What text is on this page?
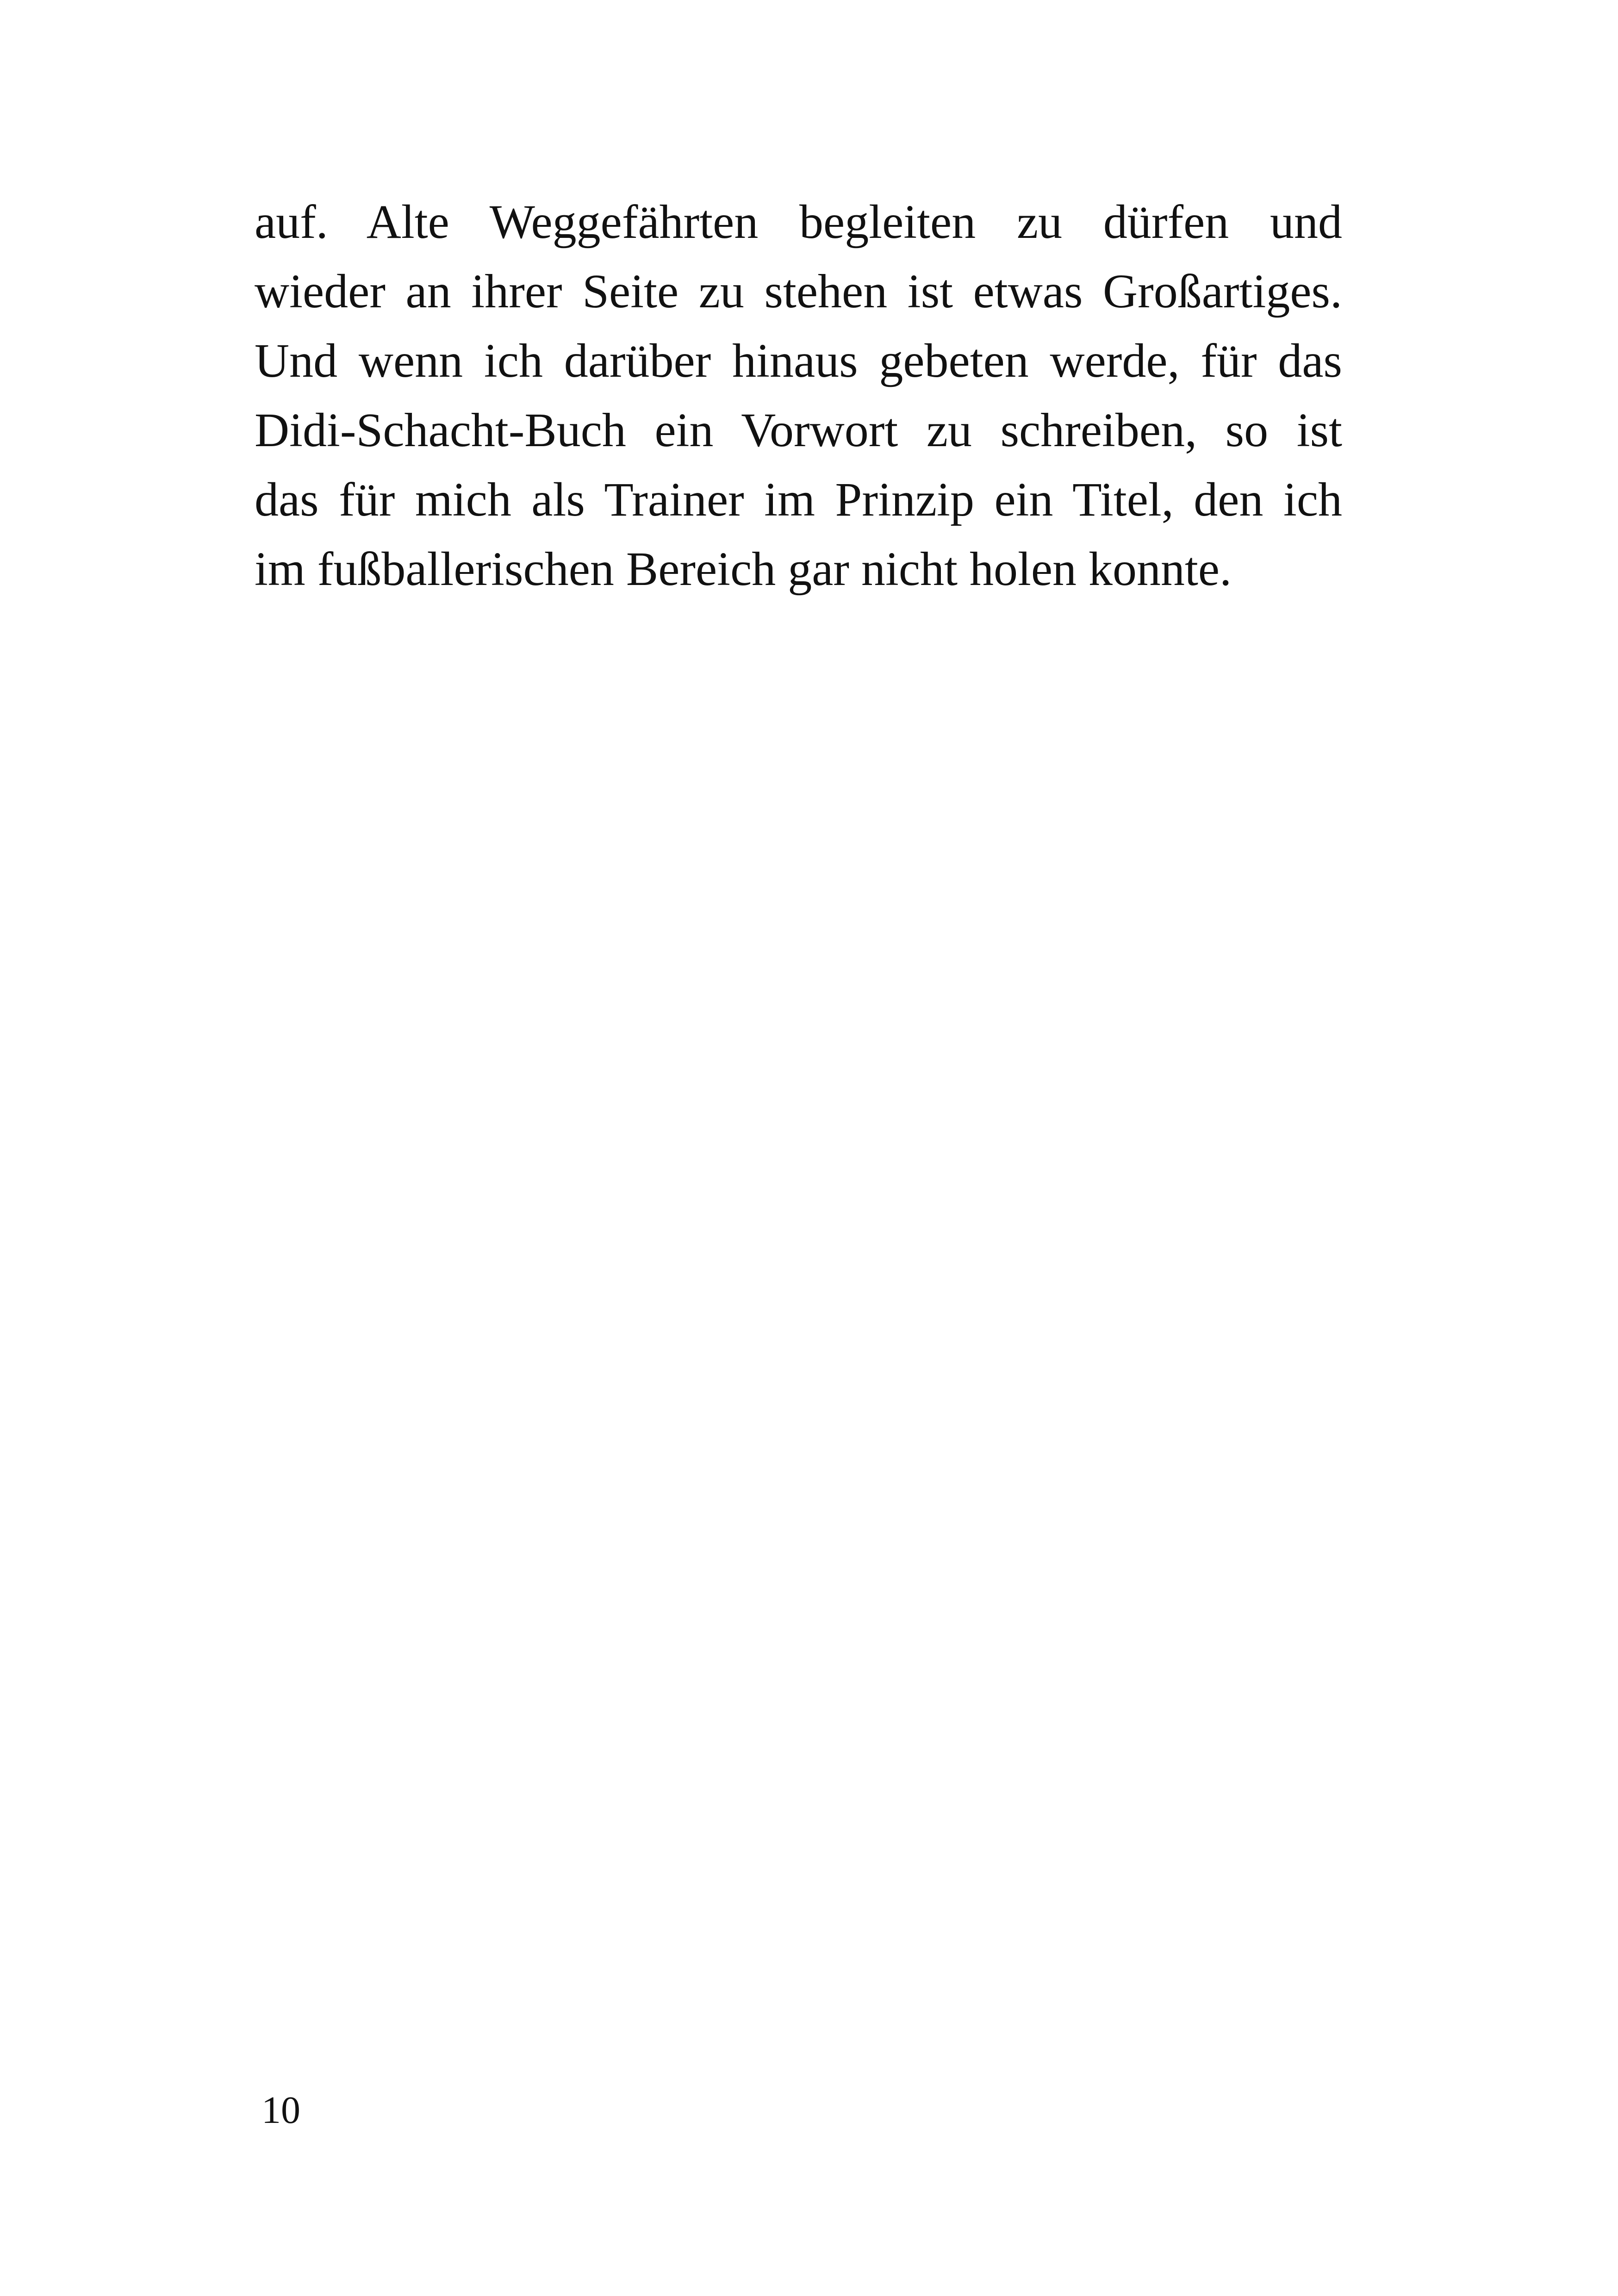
auf. Alte Weggefährten begleiten zu dürfen und
wieder an ihrer Seite zu stehen ist etwas Großartiges.
Und wenn ich darüber hinaus gebeten werde, für das
Didi-Schacht-Buch ein Vorwort zu schreiben, so ist
das für mich als Trainer im Prinzip ein Titel, den ich
im fußballerischen Bereich gar nicht holen konnte.
10
